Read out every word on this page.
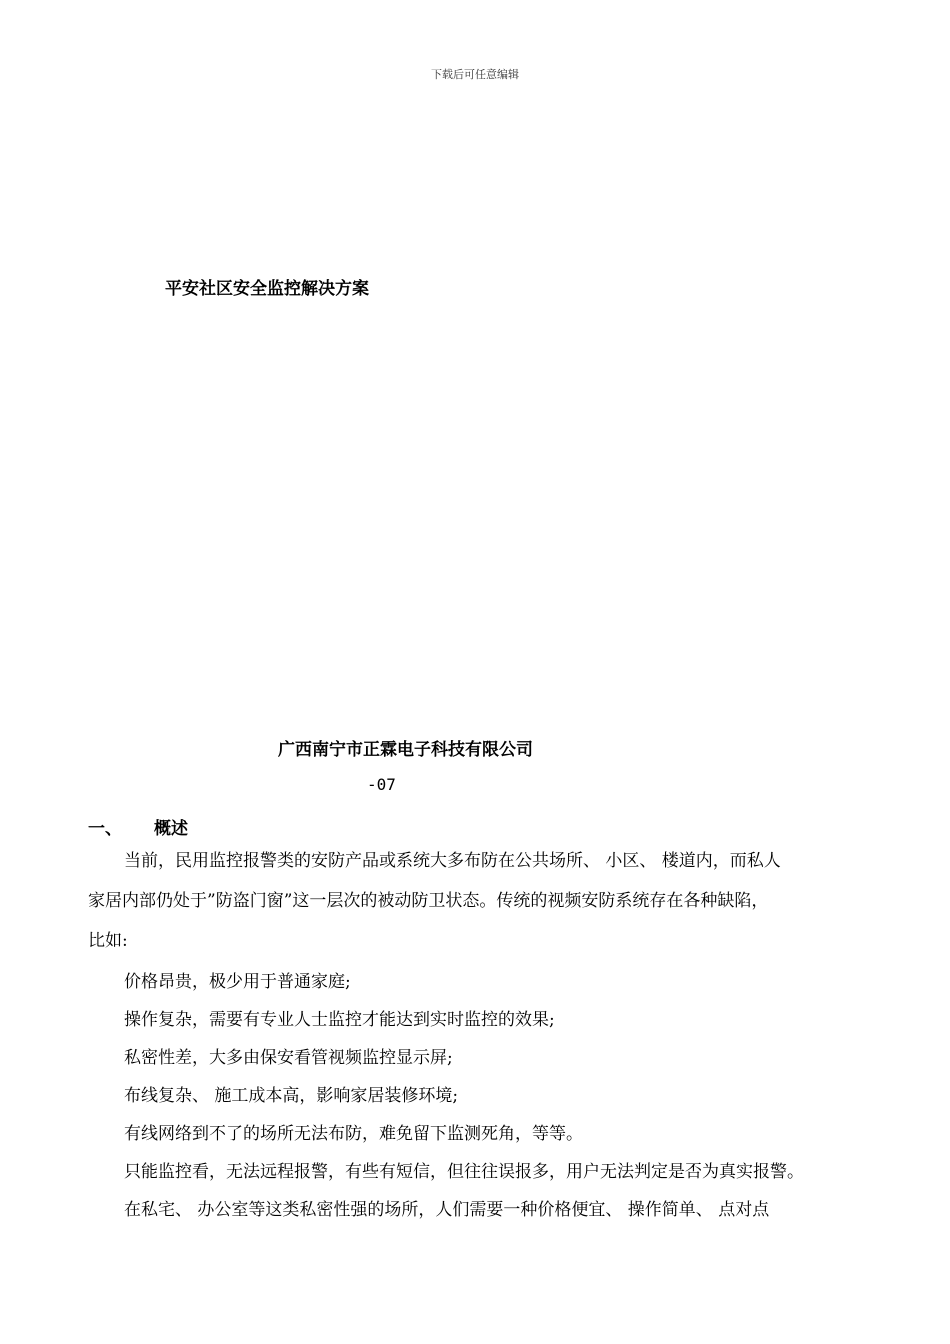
下载后可任意编辑
平安社区安全监控解决方案
广西南宁市正霖电子科技有限公司
-07
一、 概述
当前，民用监控报警类的安防产品或系统大多布防在公共场所、 小区、 楼道内，而私人
家居内部仍处于”防盗门窗”这一层次的被动防卫状态。传统的视频安防系统存在各种缺陷，
比如:
价格昂贵，极少用于普通家庭;
操作复杂，需要有专业人士监控才能达到实时监控的效果;
私密性差，大多由保安看管视频监控显示屏;
布线复杂、 施工成本高，影响家居装修环境;
有线网络到不了的场所无法布防，难免留下监测死角，等等。
只能监控看，无法远程报警，有些有短信，但往往误报多，用户无法判定是否为真实报警。
在私宅、 办公室等这类私密性强的场所，人们需要一种价格便宜、 操作简单、 点对点
